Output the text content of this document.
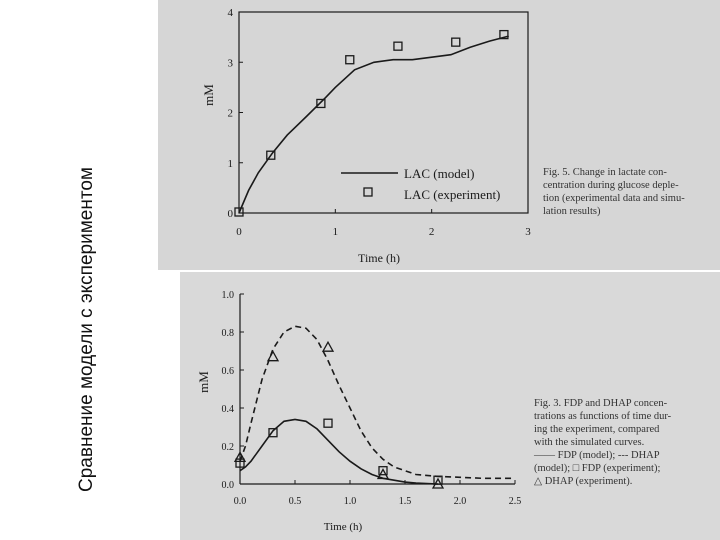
Сравнение модели с экспериментом
mM
Time (h)
LAC (model)
LAC (experiment)
0	1	2	3
0
1
2
3
4
Fig. 5. Change in lactate con-
centration during glucose deple-
tion (experimental data and simu-
lation results)
mM
Time (h)
0.0	0.5	1.0	1.5	2.0	2.5
0.0
0.2
0.4
0.6
0.8
1.0
Fig. 3. FDP and DHAP concen-
trations as functions of time dur-
ing the experiment, compared
with the simulated curves.
—— FDP (model); --- DHAP
(model); □ FDP (experiment);
△ DHAP (experiment).
